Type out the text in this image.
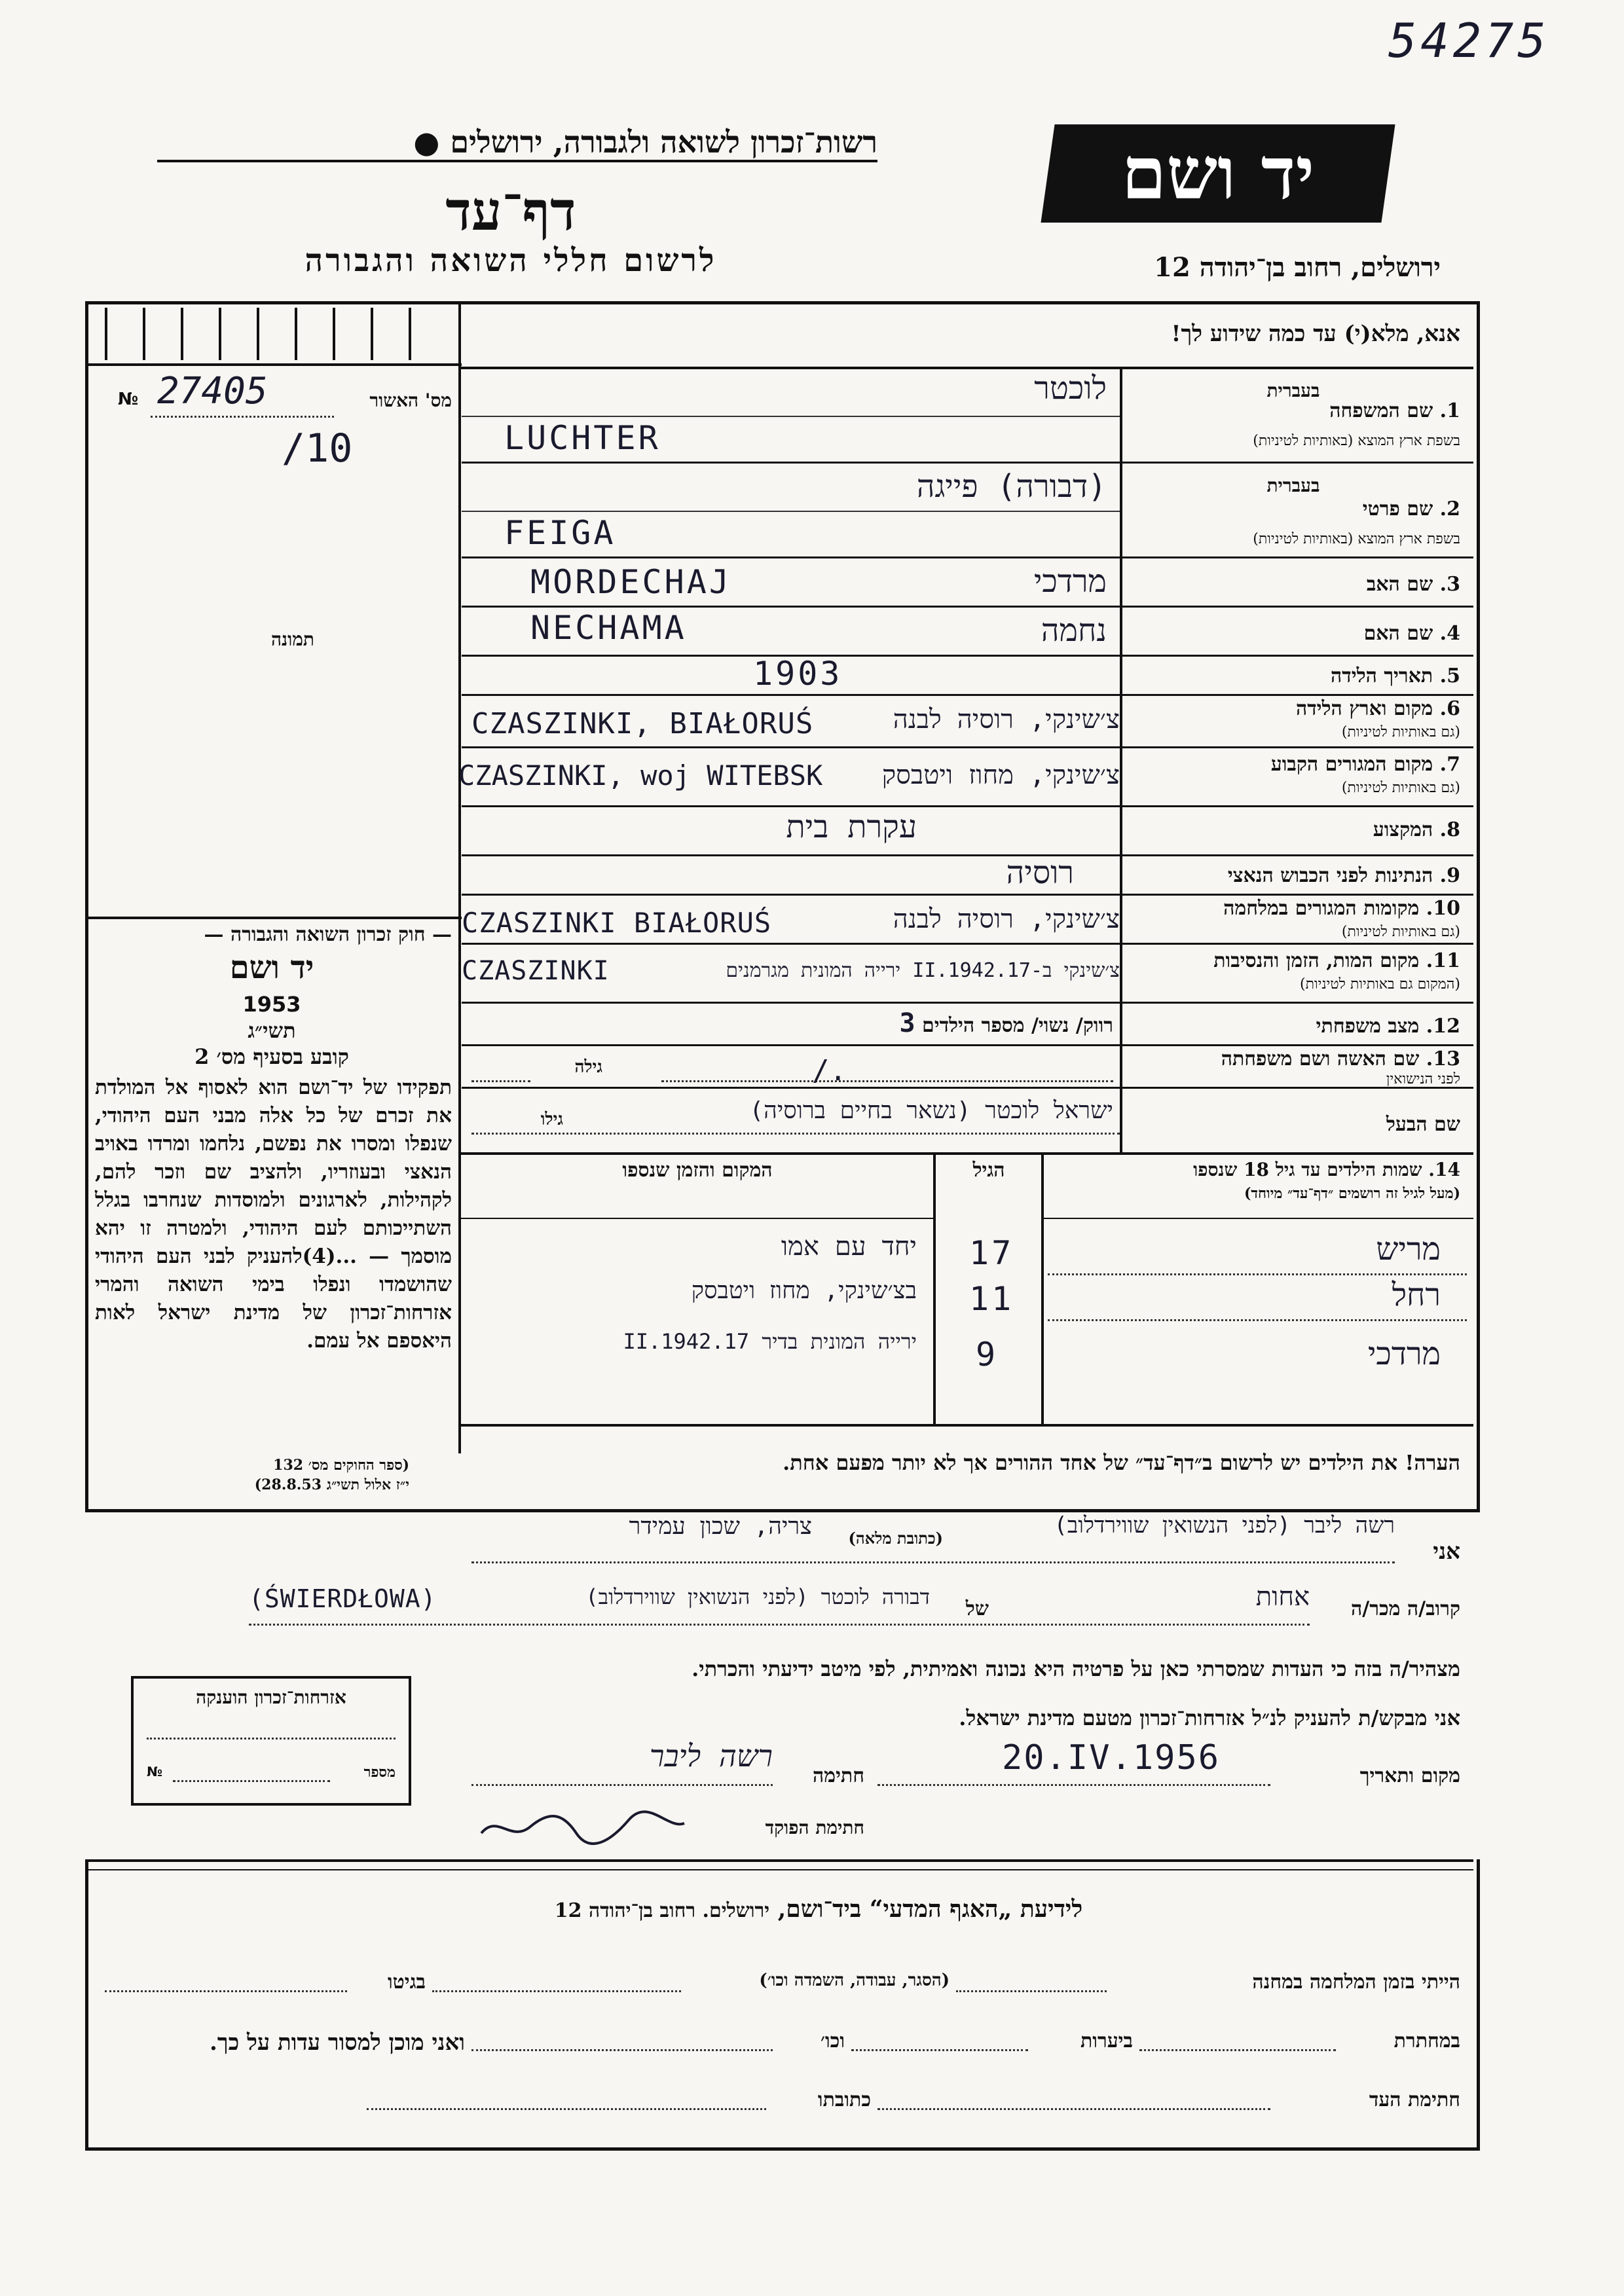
54275
רשות־זכרון לשואה ולגבורה, ירושלים ●
דף־עד
לרשום חללי השואה והגבורה
יד ושם
ירושלים, רחוב בן־יהודה 12
אנא, מלא(י) עד כמה שידוע לך!
מס' האשור
№ 27405
/10
תמונה
— חוק זכרון השואה והגבורה —
יד ושם
1953
תשי״ג
קובע בסעיף מס׳ 2
תפקידו של יד־ושם הוא לאסוף אל המולדת את זכרם של כל אלה מבני העם היהודי, שנפלו ומסרו את נפשם, נלחמו ומרדו באויב הנאצי ובעוזריו, ולהציב שם וזכר להם, לקהילות, לארגונים ולמוסדות שנחרבו בגלל השתייכותם לעם היהודי, ולמטרה זו יהא מוסמך — ...(4)להעניק לבני העם היהודי שהושמדו ונפלו בימי השואה והמרי אזרחות־זכרון של מדינת ישראל לאות היאספם אל עמם.
(ספר החוקים מס׳ 132
י״ז אלול תשי״ג 28.8.53)
1. שם המשפחה
בעברית
בשפת ארץ המוצא (באותיות לטיניות)
לוכטר
LUCHTER
2. שם פרטי
בעברית
בשפת ארץ המוצא (באותיות לטיניות)
(דבורה) פייגה
FEIGA
3. שם האב
מרדכי
MORDECHAJ
4. שם האם
נחמה
NECHAMA
5. תאריך הלידה
1903
6. מקום וארץ הלידה
(גם באותיות לטיניות)
צ׳שינקי, רוסיה לבנה
CZASZINKI, BIAŁORUŚ
7. מקום המגורים הקבוע
(גם באותיות לטיניות)
צ׳שינקי, מחוז ויטבסק
CZASZINKI, woj WITEBSK
8. המקצוע
עקרת בית
9. הנתינות לפני הכבוש הנאצי
רוסיה
10. מקומות המגורים במלחמה
(גם באותיות לטיניות)
צ׳שינקי, רוסיה לבנה
CZASZINKI BIAŁORUŚ
11. מקום המות, הזמן והנסיבות
(המקום גם באותיות לטיניות)
צ׳שינקי ב-17.II.1942 ירייה המונית מגרמנים
CZASZINKI
12. מצב משפחתי
רווק/ נשוי/ מספר הילדים 3
13. שם האשה ושם משפחתה
לפני הנישואין
גילה	/.
שם הבעל
גילו	ישראל לוכטר (נשאר בחיים ברוסיה)
14. שמות הילדים עד גיל 18 שנספו
(מעל לגיל זה רושמים ״דף־עד״ מיוחד)
הגיל
המקום והזמן שנספו
מריש
17
יחד עם אמו
רחל
11
בצ׳שינקי, מחוז ויטבסק
מרדכי
9
ירייה המונית בדיר 17.II.1942
הערה! את הילדים יש לרשום ב״דף־עד״ של אחד ההורים אך לא יותר מפעם אחת.
אני
רשה ליבר (לפני הנשואין שווירדלוב)
(כתובת מלאה)
צריה, שכון עמידר
קרוב/ה מכר/ה
אחות
של
דבורה לוכטר (לפני הנשואין שווירדלוב)
(ŚWIERDŁOWA)
מצהיר/ה בזה כי העדות שמסרתי כאן על פרטיה היא נכונה ואמיתית, לפי מיטב ידיעתי והכרתי.
אזרחות־זכרון הוענקה
מספר
№
אני מבקש/ת להעניק לנ״ל אזרחות־זכרון מטעם מדינת ישראל.
מקום ותאריך
20.IV.1956
חתימה
רשה ליבר
חתימת הפוקד
לידיעת „האגף המדעי“ ביד־ושם, ירושלים. רחוב בן־יהודה 12
הייתי בזמן המלחמה במחנה
(הסגר, עבודה, השמדה וכו׳)
בגיטו
במחתרת
ביערות
וכו׳
ואני מוכן למסור עדות על כך.
חתימת העד
כתובתו
